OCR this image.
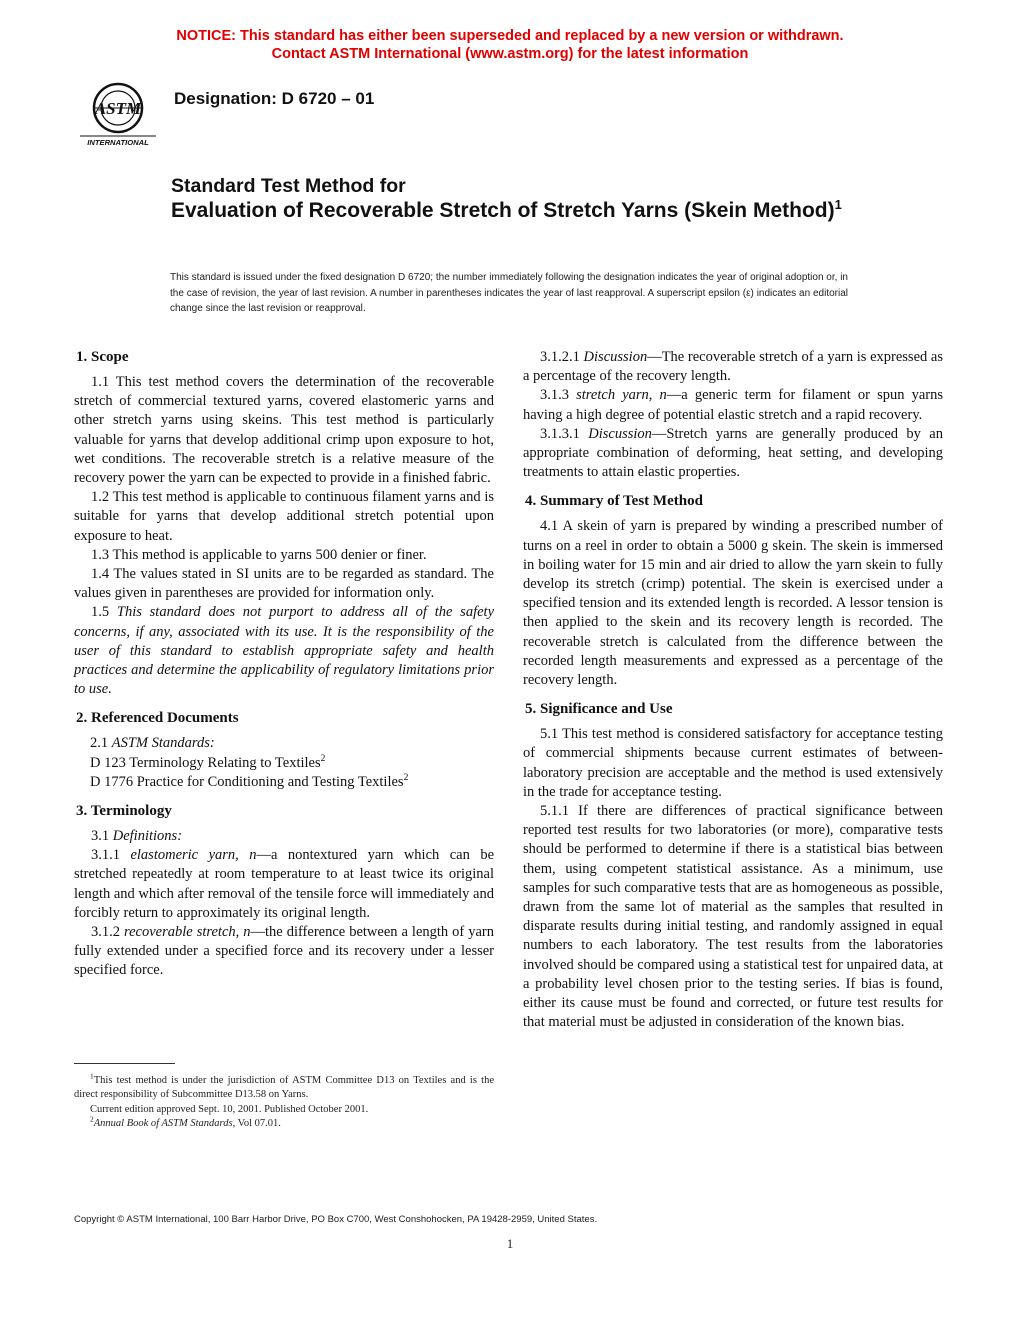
NOTICE: This standard has either been superseded and replaced by a new version or withdrawn.
Contact ASTM International (www.astm.org) for the latest information
ASTM
INTERNATIONAL
Designation: D 6720 – 01
Standard Test Method for
Evaluation of Recoverable Stretch of Stretch Yarns (Skein Method)$^1$
This standard is issued under the fixed designation D 6720; the number immediately following the designation indicates the year of original adoption or, in the case of revision, the year of last revision. A number in parentheses indicates the year of last reapproval. A superscript epsilon (ε) indicates an editorial change since the last revision or reapproval.
1. Scope

1.1 This test method covers the determination of the recoverable stretch of commercial textured yarns, covered elastomeric yarns and other stretch yarns using skeins. This test method is particularly valuable for yarns that develop additional crimp upon exposure to hot, wet conditions. The recoverable stretch is a relative measure of the recovery power the yarn can be expected to provide in a finished fabric.

1.2 This test method is applicable to continuous filament yarns and is suitable for yarns that develop additional stretch potential upon exposure to heat.

1.3 This method is applicable to yarns 500 denier or finer.

1.4 The values stated in SI units are to be regarded as standard. The values given in parentheses are provided for information only.

1.5 This standard does not purport to address all of the safety concerns, if any, associated with its use. It is the responsibility of the user of this standard to establish appropriate safety and health practices and determine the applicability of regulatory limitations prior to use.

2. Referenced Documents

2.1 ASTM Standards:

D 123 Terminology Relating to Textiles$^2$

D 1776 Practice for Conditioning and Testing Textiles$^2$

3. Terminology

3.1 Definitions:

3.1.1 elastomeric yarn, n—a nontextured yarn which can be stretched repeatedly at room temperature to at least twice its original length and which after removal of the tensile force will immediately and forcibly return to approximately its original length.

3.1.2 recoverable stretch, n—the difference between a length of yarn fully extended under a specified force and its recovery under a lesser specified force.

$^1$This test method is under the jurisdiction of ASTM Committee D13 on Textiles and is the direct responsibility of Subcommittee D13.58 on Yarns.

Current edition approved Sept. 10, 2001. Published October 2001.

$^2$Annual Book of ASTM Standards, Vol 07.01.

3.1.2.1 Discussion—The recoverable stretch of a yarn is expressed as a percentage of the recovery length.

3.1.3 stretch yarn, n—a generic term for filament or spun yarns having a high degree of potential elastic stretch and a rapid recovery.

3.1.3.1 Discussion—Stretch yarns are generally produced by an appropriate combination of deforming, heat setting, and developing treatments to attain elastic properties.

4. Summary of Test Method

4.1 A skein of yarn is prepared by winding a prescribed number of turns on a reel in order to obtain a 5000 g skein. The skein is immersed in boiling water for 15 min and air dried to allow the yarn skein to fully develop its stretch (crimp) potential. The skein is exercised under a specified tension and its extended length is recorded. A lessor tension is then applied to the skein and its recovery length is recorded. The recoverable stretch is calculated from the difference between the recorded length measurements and expressed as a percentage of the recovery length.

5. Significance and Use

5.1 This test method is considered satisfactory for acceptance testing of commercial shipments because current estimates of between-laboratory precision are acceptable and the method is used extensively in the trade for acceptance testing.

5.1.1 If there are differences of practical significance between reported test results for two laboratories (or more), comparative tests should be performed to determine if there is a statistical bias between them, using competent statistical assistance. As a minimum, use samples for such comparative tests that are as homogeneous as possible, drawn from the same lot of material as the samples that resulted in disparate results during initial testing, and randomly assigned in equal numbers to each laboratory. The test results from the laboratories involved should be compared using a statistical test for unpaired data, at a probability level chosen prior to the testing series. If bias is found, either its cause must be found and corrected, or future test results for that material must be adjusted in consideration of the known bias.

Copyright © ASTM International, 100 Barr Harbor Drive, PO Box C700, West Conshohocken, PA 19428-2959, United States.
1
